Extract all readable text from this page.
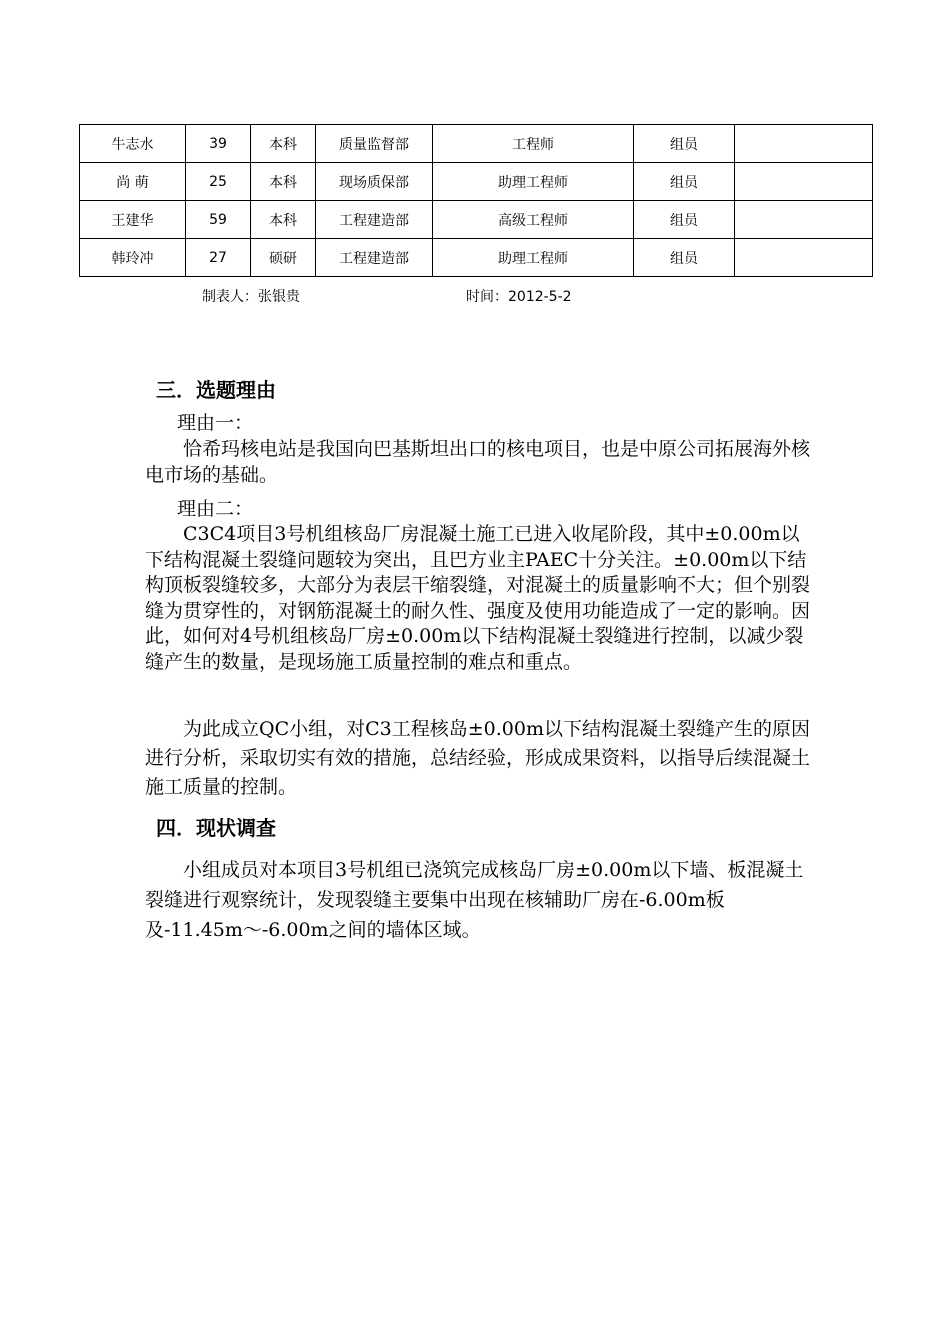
牛志水	39	本科	质量监督部	工程师	组员	
尚 萌	25	本科	现场质保部	助理工程师	组员	
王建华	59	本科	工程建造部	高级工程师	组员	
韩玲冲	27	硕研	工程建造部	助理工程师	组员	
制表人：张银贵	时间：2012-5-2
三．选题理由

理由一：

恰希玛核电站是我国向巴基斯坦出口的核电项目，也是中原公司拓展海外核电市场的基础。

理由二：

C3C4项目3号机组核岛厂房混凝土施工已进入收尾阶段，其中±0.00m以下结构混凝土裂缝问题较为突出，且巴方业主PAEC十分关注。±0.00m以下结构顶板裂缝较多，大部分为表层干缩裂缝，对混凝土的质量影响不大；但个别裂缝为贯穿性的，对钢筋混凝土的耐久性、强度及使用功能造成了一定的影响。因此，如何对4号机组核岛厂房±0.00m以下结构混凝土裂缝进行控制，以减少裂缝产生的数量，是现场施工质量控制的难点和重点。

为此成立QC小组，对C3工程核岛±0.00m以下结构混凝土裂缝产生的原因进行分析，采取切实有效的措施，总结经验，形成成果资料，以指导后续混凝土施工质量的控制。

四．现状调查

小组成员对本项目3号机组已浇筑完成核岛厂房±0.00m以下墙、板混凝土裂缝进行观察统计，发现裂缝主要集中出现在核辅助厂房在-6.00m板及-11.45m～-6.00m之间的墙体区域。
